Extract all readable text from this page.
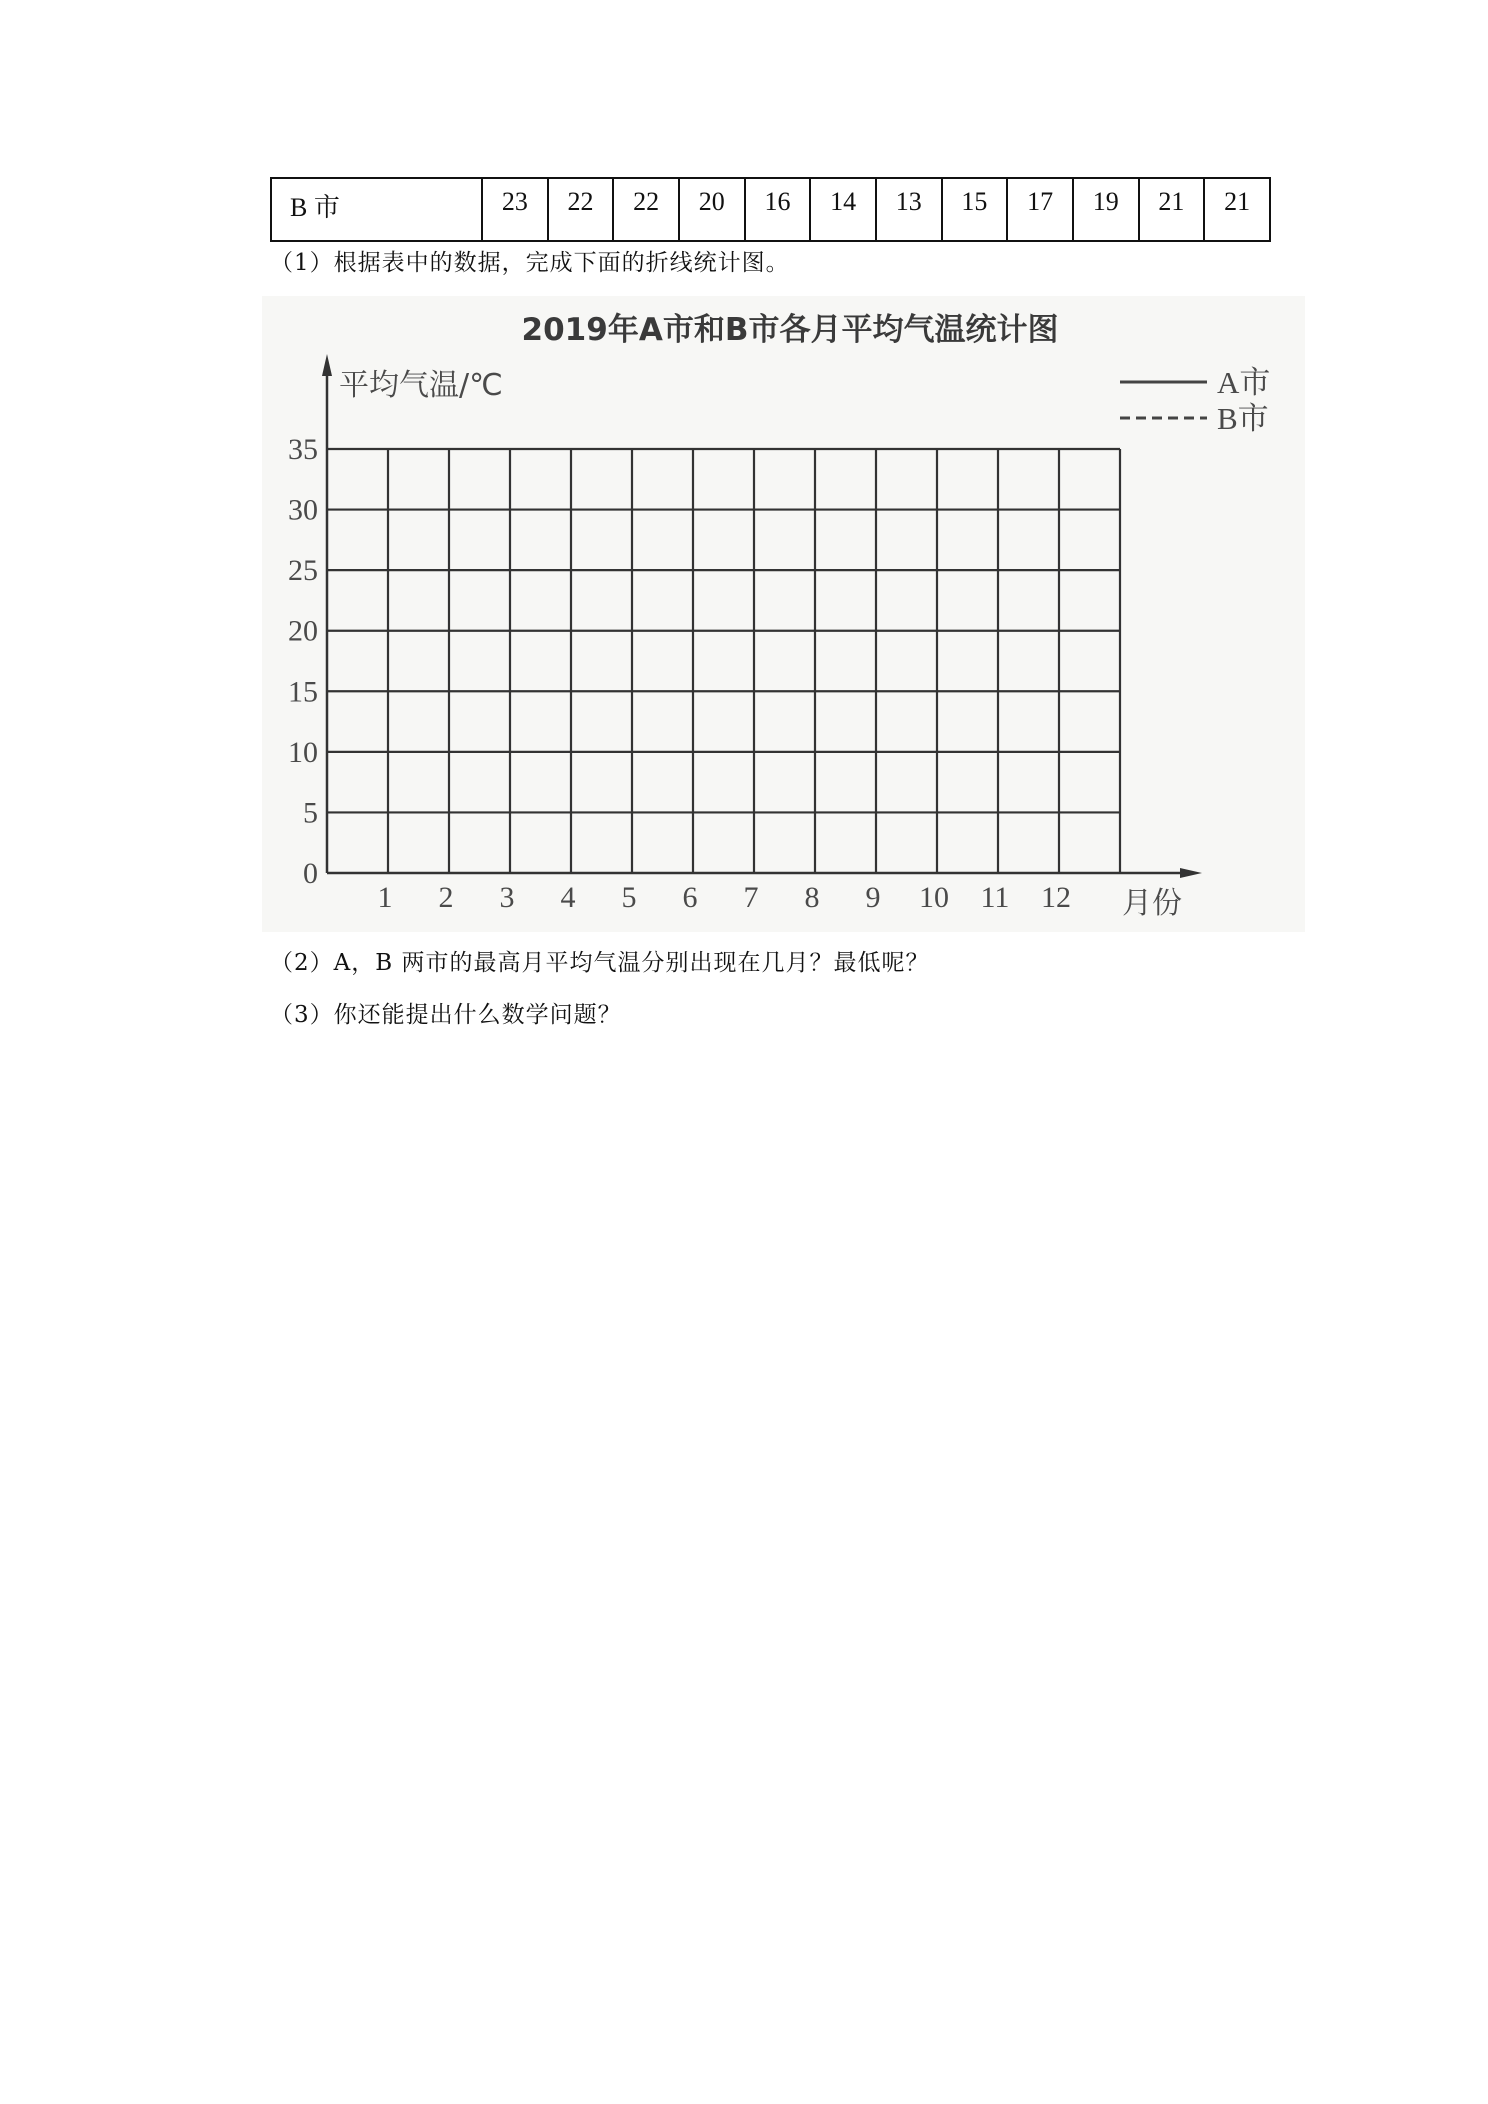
B 市	23	22	22	20	16	14	13	15	17	19	21	21
（1）根据表中的数据，完成下面的折线统计图。
2019年A市和B市各月平均气温统计图
平均气温/℃
月份
0
5
10
15
20
25
30
35
1 2 3 4 5 6 7 8 9 10 11 12
A市
B市
（2）A，B 两市的最高月平均气温分别出现在几月？最低呢？
（3）你还能提出什么数学问题？
